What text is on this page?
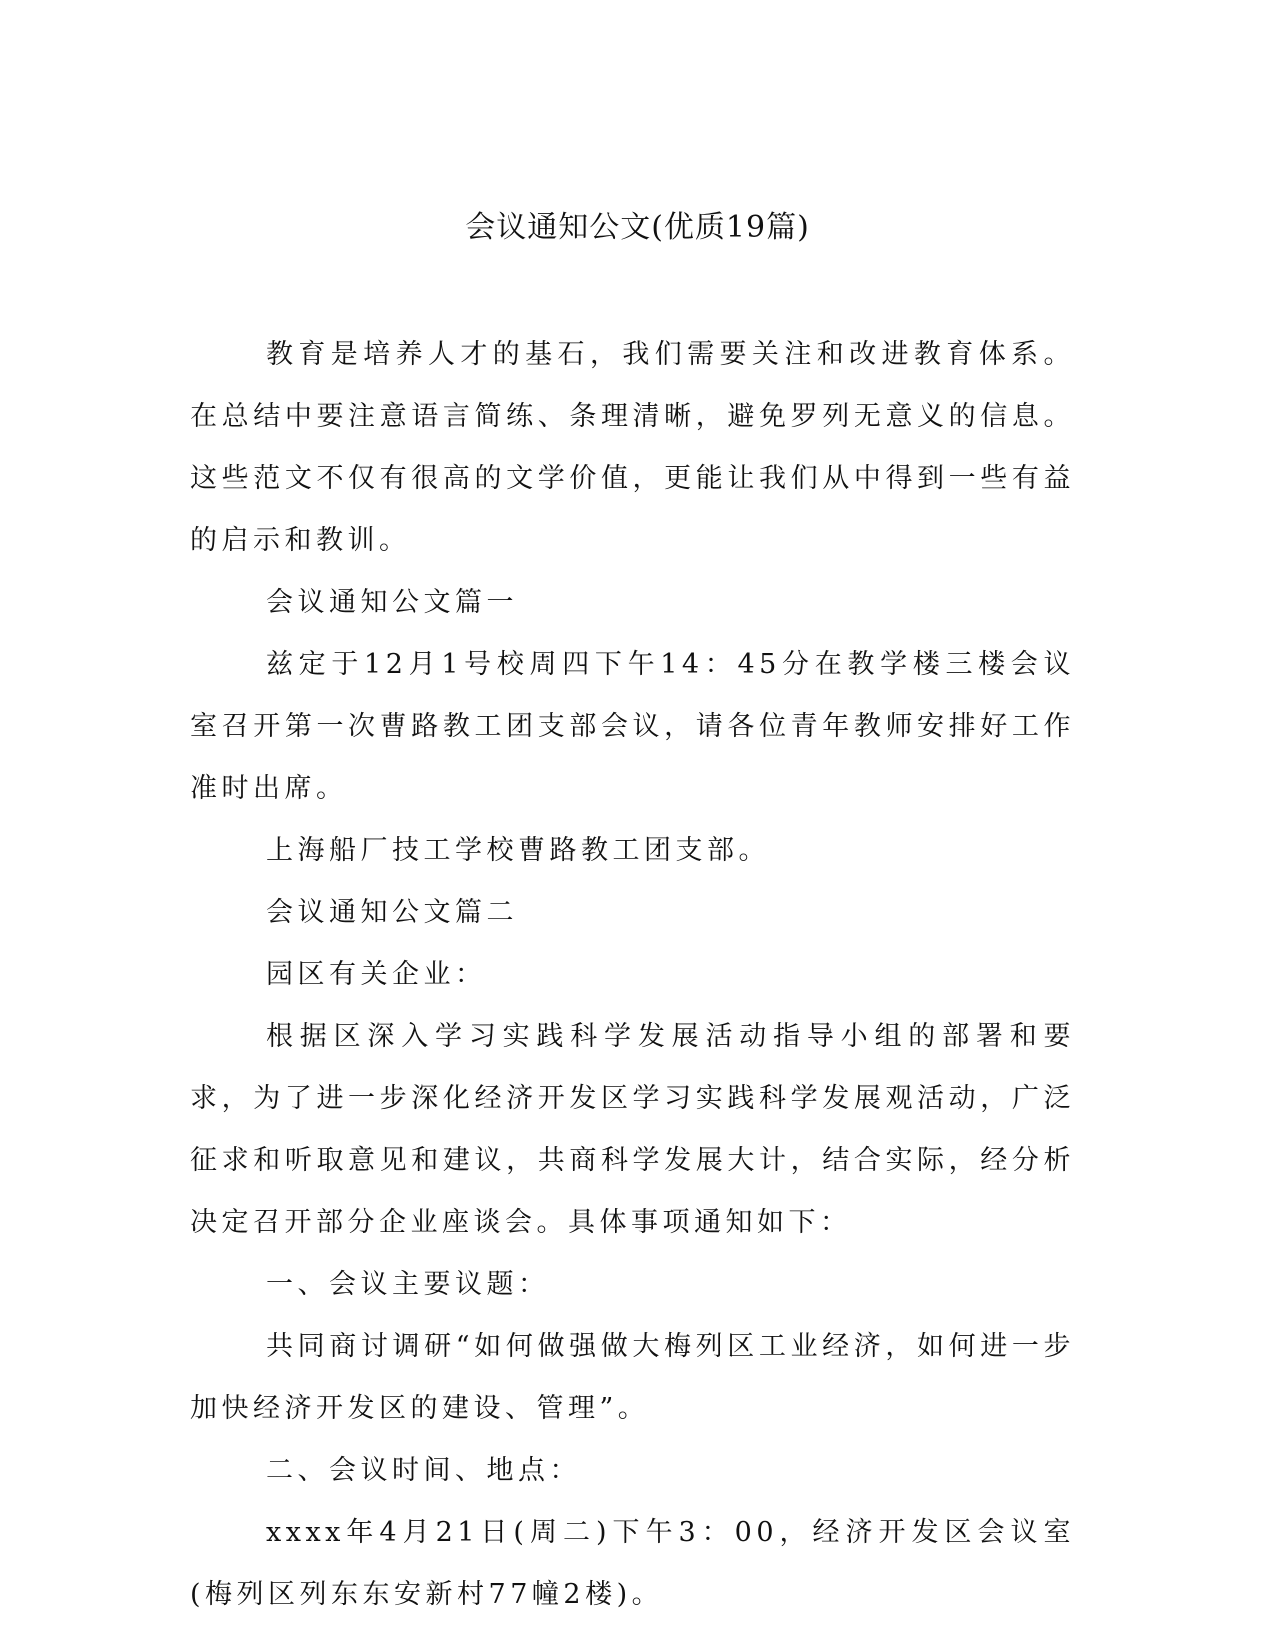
会议通知公文(优质19篇)

教育是培养人才的基石，我们需要关注和改进教育体系。在总结中要注意语言简练、条理清晰，避免罗列无意义的信息。这些范文不仅有很高的文学价值，更能让我们从中得到一些有益的启示和教训。

会议通知公文篇一

兹定于12月1号校周四下午14：45分在教学楼三楼会议室召开第一次曹路教工团支部会议，请各位青年教师安排好工作准时出席。

上海船厂技工学校曹路教工团支部。

会议通知公文篇二

园区有关企业：

根据区深入学习实践科学发展活动指导小组的部署和要求，为了进一步深化经济开发区学习实践科学发展观活动，广泛征求和听取意见和建议，共商科学发展大计，结合实际，经分析决定召开部分企业座谈会。具体事项通知如下：

一、会议主要议题：

共同商讨调研“如何做强做大梅列区工业经济，如何进一步加快经济开发区的建设、管理”。

二、会议时间、地点：

xxxx年4月21日(周二)下午3：00，经济开发区会议室(梅列区列东东安新村77幢2楼)。
